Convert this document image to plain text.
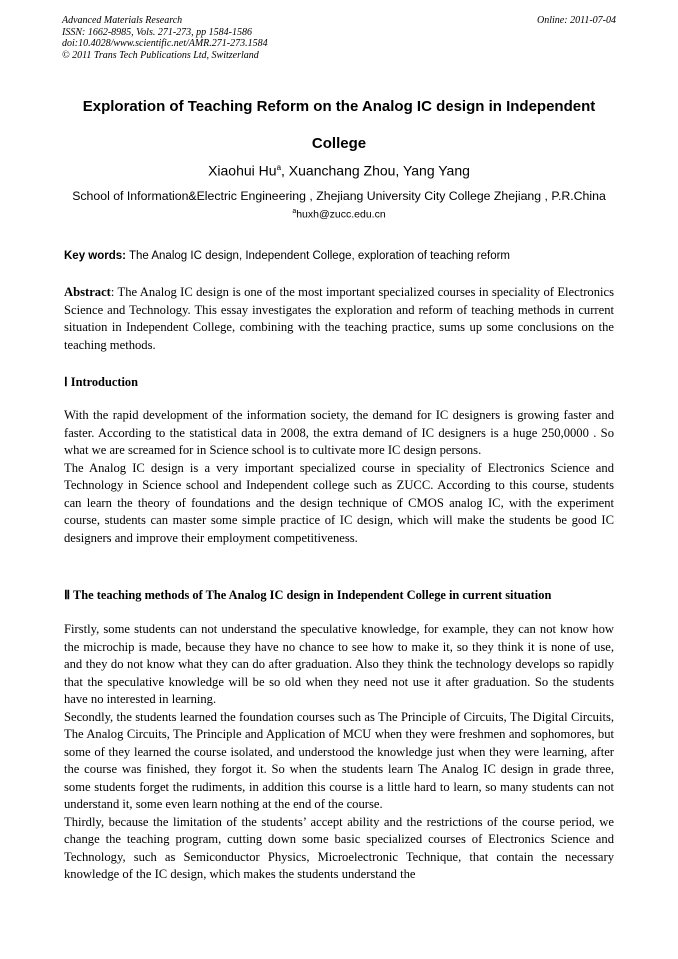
Advanced Materials Research
ISSN: 1662-8985, Vols. 271-273, pp 1584-1586
doi:10.4028/www.scientific.net/AMR.271-273.1584
© 2011 Trans Tech Publications Ltd, Switzerland
Online: 2011-07-04
Exploration of Teaching Reform on the Analog IC design in Independent
College
Xiaohui Hu$^a$, Xuanchang Zhou, Yang Yang
School of Information&Electric Engineering , Zhejiang University City College Zhejiang , P.R.China
$^a$huxh@zucc.edu.cn
Key words: The Analog IC design, Independent College, exploration of teaching reform

Abstract: The Analog IC design is one of the most important specialized courses in speciality of Electronics Science and Technology. This essay investigates the exploration and reform of teaching methods in current situation in Independent College, combining with the teaching practice, sums up some conclusions on the teaching methods.

Ⅰ Introduction

With the rapid development of the information society, the demand for IC designers is growing faster and faster. According to the statistical data in 2008, the extra demand of IC designers is a huge 250,0000 . So what we are screamed for in Science school is to cultivate more IC design persons.

The Analog IC design is a very important specialized course in speciality of Electronics Science and Technology in Science school and Independent college such as ZUCC. According to this course, students can learn the theory of foundations and the design technique of CMOS analog IC, with the experiment course, students can master some simple practice of IC design, which will make the students be good IC designers and improve their employment competitiveness.

Ⅱ The teaching methods of The Analog IC design in Independent College in current situation

Firstly, some students can not understand the speculative knowledge, for example, they can not know how the microchip is made, because they have no chance to see how to make it, so they think it is none of use, and they do not know what they can do after graduation. Also they think the technology develops so rapidly that the speculative knowledge will be so old when they need not use it after graduation. So the students have no interested in learning.

Secondly, the students learned the foundation courses such as The Principle of Circuits, The Digital Circuits, The Analog Circuits, The Principle and Application of MCU when they were freshmen and sophomores, but some of they learned the course isolated, and understood the knowledge just when they were learning, after the course was finished, they forgot it. So when the students learn The Analog IC design in grade three, some students forget the rudiments, in addition this course is a little hard to learn, so many students can not understand it, some even learn nothing at the end of the course.

Thirdly, because the limitation of the students’ accept ability and the restrictions of the course period, we change the teaching program, cutting down some basic specialized courses of Electronics Science and Technology, such as Semiconductor Physics, Microelectronic Technique, that contain the necessary knowledge of the IC design, which makes the students understand the
